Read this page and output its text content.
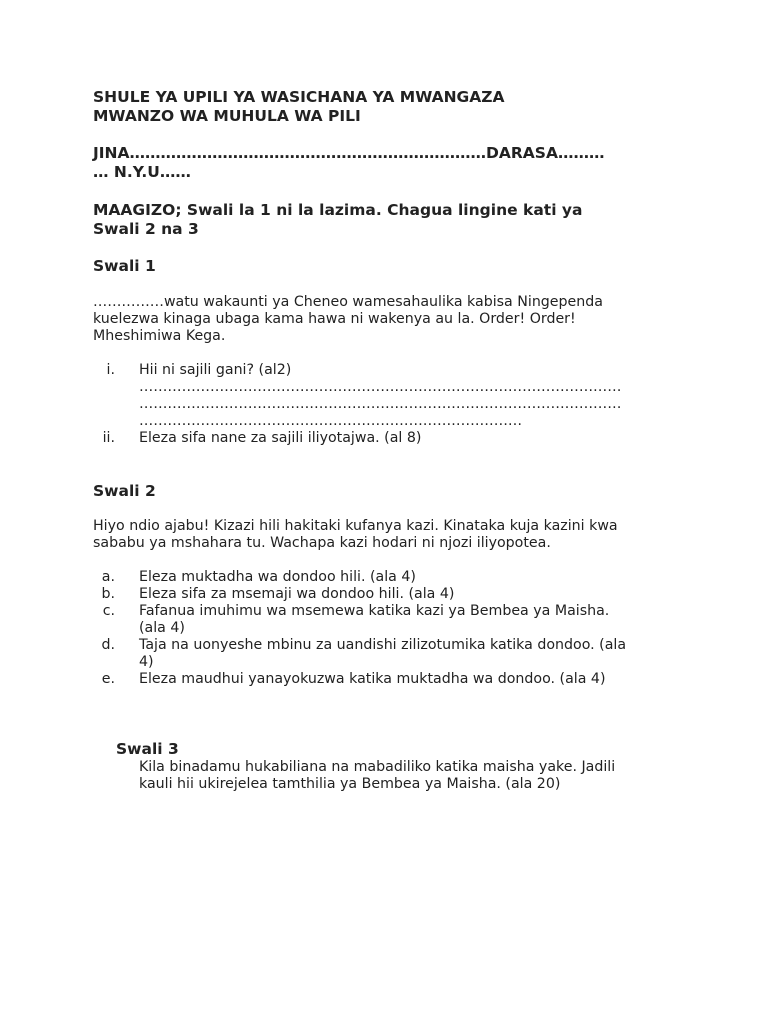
SHULE YA UPILI YA WASICHANA YA MWANGAZA
MWANZO WA MUHULA WA PILI
JINA……………………………………………………………DARASA………
… N.Y.U……
MAAGIZO; Swali la 1 ni la lazima. Chagua lingine kati ya
Swali 2 na 3
Swali 1
……………watu wakaunti ya Cheneo wamesahaulika kabisa Ningependa
kuelezwa kinaga ubaga kama hawa ni wakenya au la. Order! Order!
Mheshimiwa Kega.
i. Hii ni sajili gani? (al2)
…………………………………………………………………………………………
…………………………………………………………………………………………
………………………………………………………………………
ii. Eleza sifa nane za sajili iliyotajwa. (al 8)
Swali 2
Hiyo ndio ajabu! Kizazi hili hakitaki kufanya kazi. Kinataka kuja kazini kwa
sababu ya mshahara tu. Wachapa kazi hodari ni njozi iliyopotea.
a. Eleza muktadha wa dondoo hili. (ala 4)
b. Eleza sifa za msemaji wa dondoo hili. (ala 4)
c. Fafanua imuhimu wa msemewa katika kazi ya Bembea ya Maisha.
(ala 4)
d. Taja na uonyeshe mbinu za uandishi zilizotumika katika dondoo. (ala
4)
e. Eleza maudhui yanayokuzwa katika muktadha wa dondoo. (ala 4)
Swali 3
Kila binadamu hukabiliana na mabadiliko katika maisha yake. Jadili
kauli hii ukirejelea tamthilia ya Bembea ya Maisha. (ala 20)
